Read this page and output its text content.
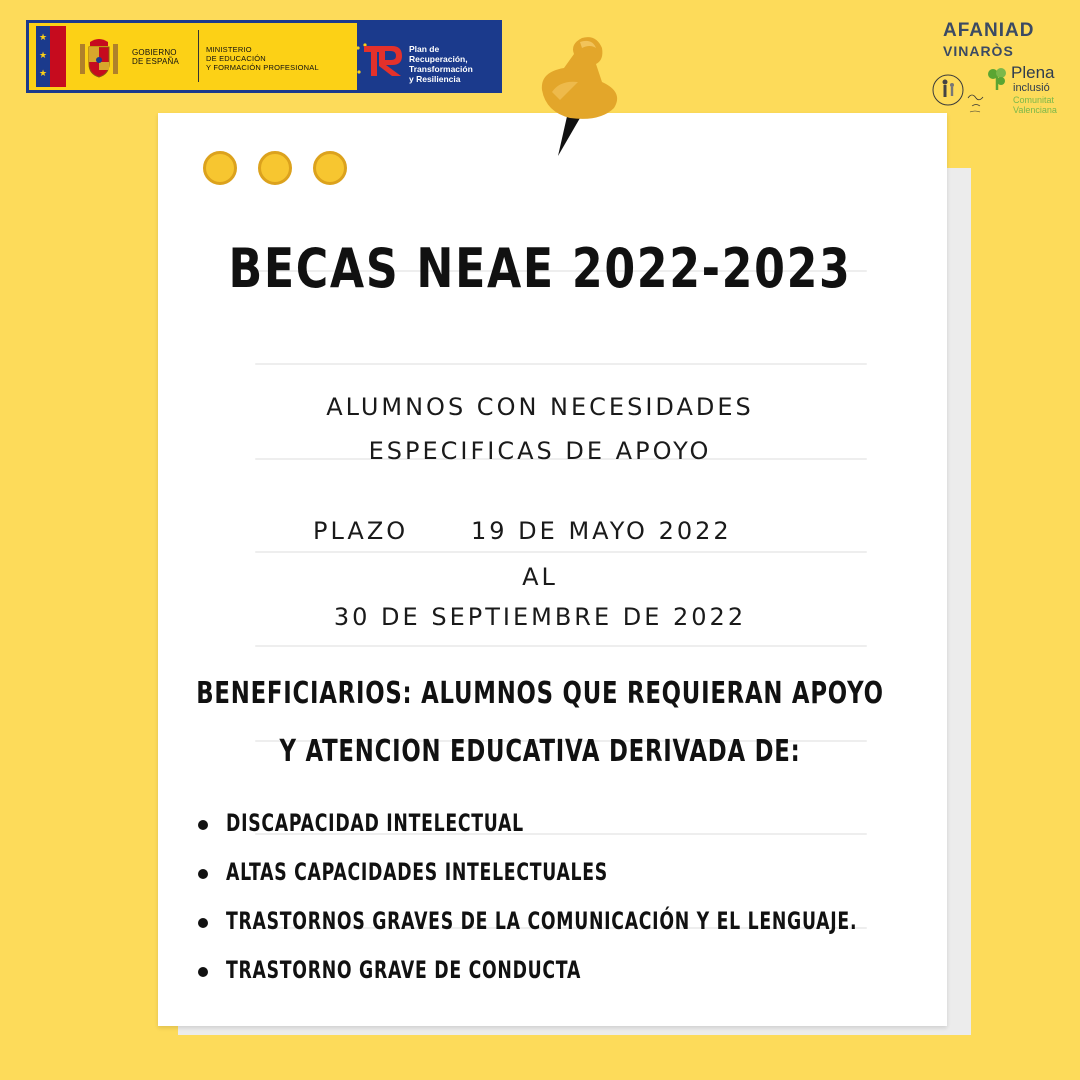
★
★
★
GOBIERNO
DE ESPAÑA
MINISTERIO
DE EDUCACIÓN
Y FORMACIÓN PROFESIONAL
Plan de
Recuperación,
Transformación
y Resiliencia
AFANIAD
VINARÒS
Plena
inclusió
Comunitat
Valenciana
BECAS NEAE 2022-2023
ALUMNOS CON NECESIDADES
ESPECIFICAS DE APOYO
PLAZO	19 DE MAYO 2022
AL
30 DE SEPTIEMBRE DE 2022
BENEFICIARIOS: ALUMNOS QUE REQUIERAN APOYO
Y ATENCION EDUCATIVA DERIVADA DE:
DISCAPACIDAD INTELECTUAL
ALTAS CAPACIDADES INTELECTUALES
TRASTORNOS GRAVES DE LA COMUNICACIÓN Y EL LENGUAJE.
TRASTORNO GRAVE DE CONDUCTA
